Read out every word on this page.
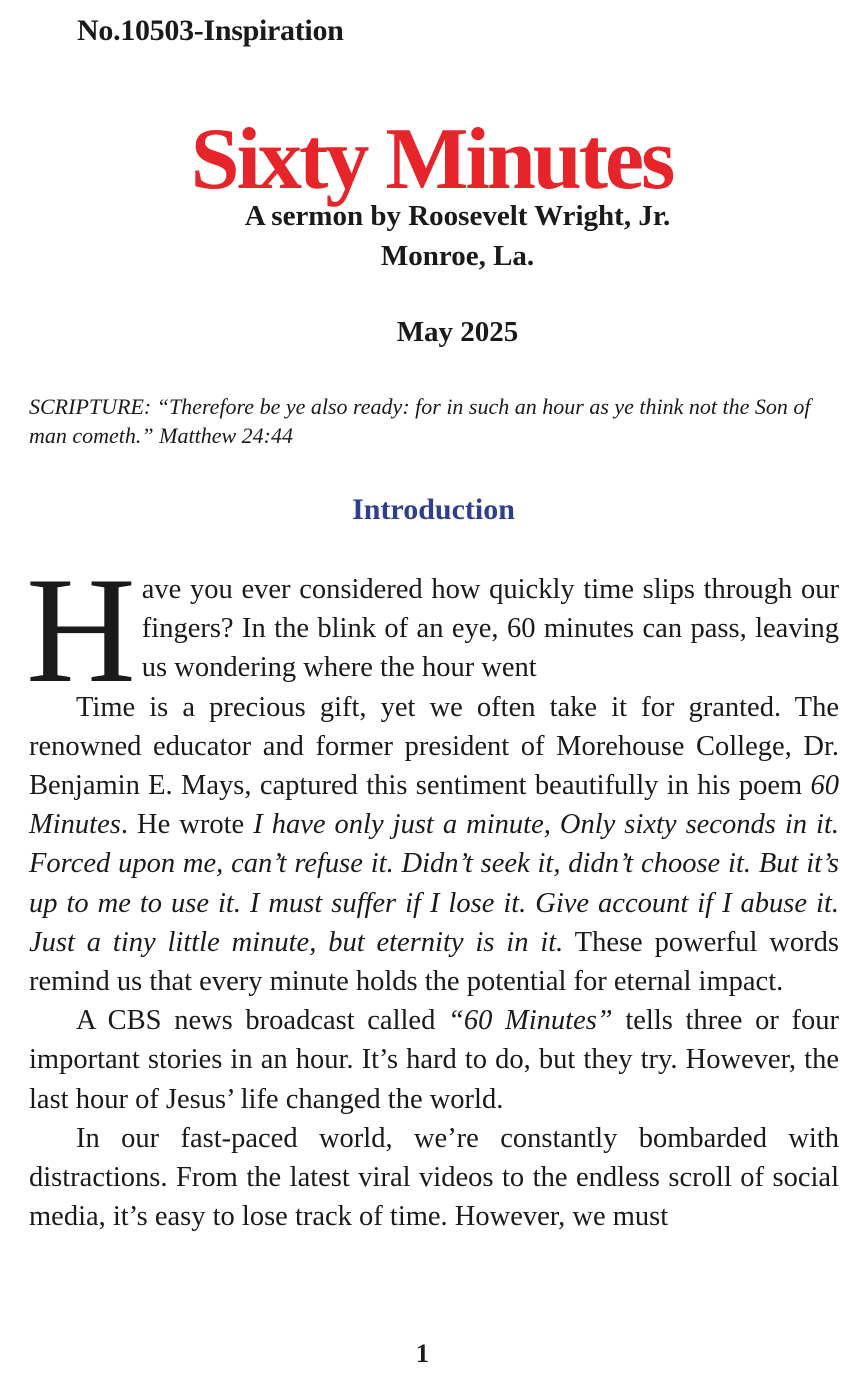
No.10503-Inspiration
Sixty Minutes
A sermon by Roosevelt Wright, Jr.
Monroe, La.
May 2025
SCRIPTURE: “Therefore be ye also ready: for in such an hour as ye think not the Son of man cometh.” Matthew 24:44
Introduction

Have you ever considered how quickly time slips through our fingers? In the blink of an eye, 60 minutes can pass, leaving us wondering where the hour went

Time is a precious gift, yet we often take it for granted. The renowned educator and former president of Morehouse College, Dr. Benjamin E. Mays, captured this sentiment beautifully in his poem 60 Minutes. He wrote I have only just a minute, Only sixty seconds in it. Forced upon me, can’t refuse it. Didn’t seek it, didn’t choose it. But it’s up to me to use it. I must suffer if I lose it. Give account if I abuse it. Just a tiny little minute, but eternity is in it. These powerful words remind us that every minute holds the potential for eternal impact.

A CBS news broadcast called “60 Minutes” tells three or four important stories in an hour. It’s hard to do, but they try. However, the last hour of Jesus’ life changed the world.

In our fast-paced world, we’re constantly bombarded with distractions. From the latest viral videos to the endless scroll of social media, it’s easy to lose track of time. However, we must

1
